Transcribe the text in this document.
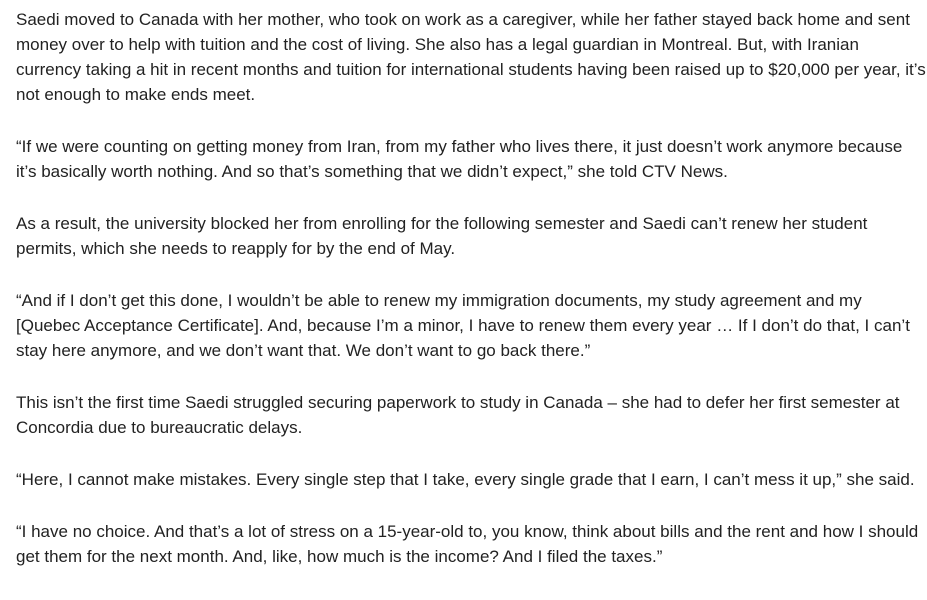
Saedi moved to Canada with her mother, who took on work as a caregiver, while her father stayed back home and sent money over to help with tuition and the cost of living. She also has a legal guardian in Montreal. But, with Iranian currency taking a hit in recent months and tuition for international students having been raised up to $20,000 per year, it’s not enough to make ends meet.

“If we were counting on getting money from Iran, from my father who lives there, it just doesn’t work anymore because it’s basically worth nothing. And so that’s something that we didn’t expect,” she told CTV News.

As a result, the university blocked her from enrolling for the following semester and Saedi can’t renew her student permits, which she needs to reapply for by the end of May.

“And if I don’t get this done, I wouldn’t be able to renew my immigration documents, my study agreement and my [Quebec Acceptance Certificate]. And, because I’m a minor, I have to renew them every year … If I don’t do that, I can’t stay here anymore, and we don’t want that. We don’t want to go back there.”

This isn’t the first time Saedi struggled securing paperwork to study in Canada – she had to defer her first semester at Concordia due to bureaucratic delays.

“Here, I cannot make mistakes. Every single step that I take, every single grade that I earn, I can’t mess it up,” she said.

“I have no choice. And that’s a lot of stress on a 15-year-old to, you know, think about bills and the rent and how I should get them for the next month. And, like, how much is the income? And I filed the taxes.”
